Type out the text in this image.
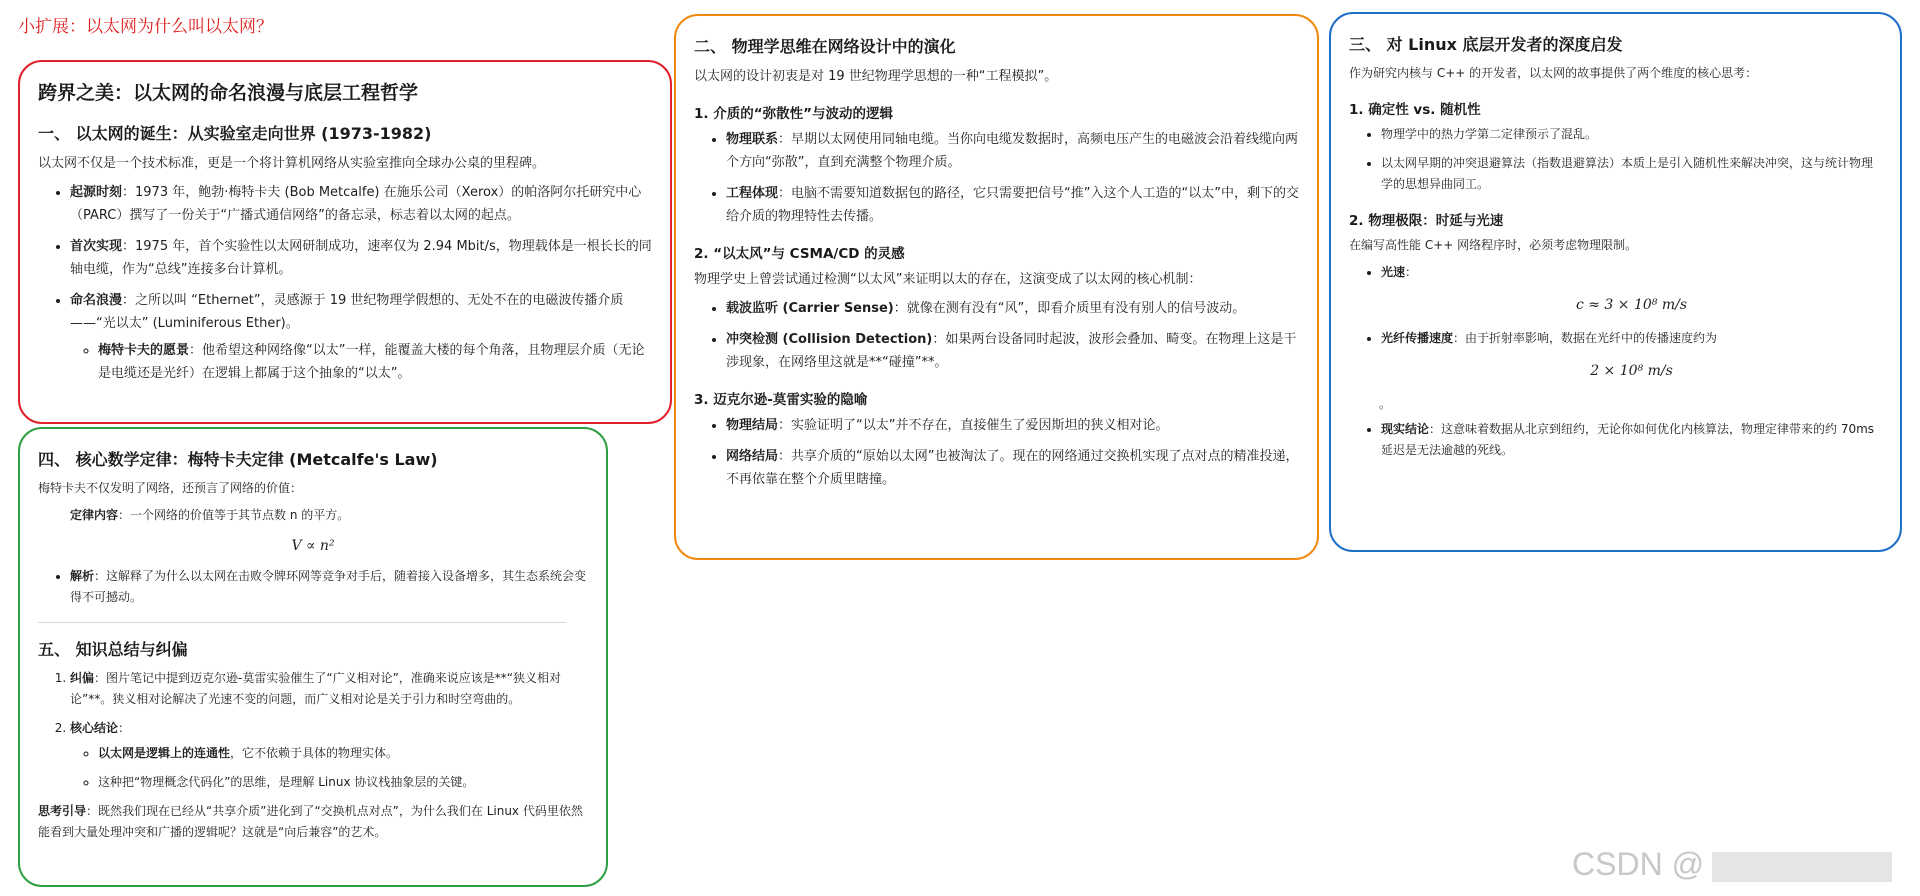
小扩展：以太网为什么叫以太网？
跨界之美：以太网的命名浪漫与底层工程哲学
一、 以太网的诞生：从实验室走向世界 (1973-1982)

以太网不仅是一个技术标准，更是一个将计算机网络从实验室推向全球办公桌的里程碑。

• 起源时刻：1973 年，鲍勃·梅特卡夫 (Bob Metcalfe) 在施乐公司（Xerox）的帕洛阿尔托研究中心（PARC）撰写了一份关于“广播式通信网络”的备忘录，标志着以太网的起点。
• 首次实现：1975 年，首个实验性以太网研制成功，速率仅为 2.94 Mbit/s，物理载体是一根长长的同轴电缆，作为“总线”连接多台计算机。
• 命名浪漫：之所以叫 “Ethernet”，灵感源于 19 世纪物理学假想的、无处不在的电磁波传播介质——“光以太” (Luminiferous Ether)。
◦ 梅特卡夫的愿景：他希望这种网络像“以太”一样，能覆盖大楼的每个角落，且物理层介质（无论是电缆还是光纤）在逻辑上都属于这个抽象的“以太”。
四、 核心数学定律：梅特卡夫定律 (Metcalfe's Law)

梅特卡夫不仅发明了网络，还预言了网络的价值：

定律内容：一个网络的价值等于其节点数 n 的平方。

V ∝ n²
• 解析：这解释了为什么以太网在击败令牌环网等竞争对手后，随着接入设备增多，其生态系统会变得不可撼动。
五、 知识总结与纠偏
1. 纠偏：图片笔记中提到迈克尔逊-莫雷实验催生了“广义相对论”，准确来说应该是**“狭义相对论”**。狭义相对论解决了光速不变的问题，而广义相对论是关于引力和时空弯曲的。
2. 核心结论：
◦ 以太网是逻辑上的连通性，它不依赖于具体的物理实体。
◦ 这种把“物理概念代码化”的思维，是理解 Linux 协议栈抽象层的关键。

思考引导：既然我们现在已经从“共享介质”进化到了“交换机点对点”，为什么我们在 Linux 代码里依然能看到大量处理冲突和广播的逻辑呢？这就是“向后兼容”的艺术。

二、 物理学思维在网络设计中的演化

以太网的设计初衷是对 19 世纪物理学思想的一种“工程模拟”。

1. 介质的“弥散性”与波动的逻辑
• 物理联系：早期以太网使用同轴电缆。当你向电缆发数据时，高频电压产生的电磁波会沿着线缆向两个方向“弥散”，直到充满整个物理介质。
• 工程体现：电脑不需要知道数据包的路径，它只需要把信号“推”入这个人工造的“以太”中，剩下的交给介质的物理特性去传播。
2. “以太风”与 CSMA/CD 的灵感

物理学史上曾尝试通过检测“以太风”来证明以太的存在，这演变成了以太网的核心机制：

• 载波监听 (Carrier Sense)：就像在测有没有“风”，即看介质里有没有别人的信号波动。
• 冲突检测 (Collision Detection)：如果两台设备同时起波，波形会叠加、畸变。在物理上这是干涉现象，在网络里这就是**“碰撞”**。
3. 迈克尔逊-莫雷实验的隐喻
• 物理结局：实验证明了“以太”并不存在，直接催生了爱因斯坦的狭义相对论。
• 网络结局：共享介质的“原始以太网”也被淘汰了。现在的网络通过交换机实现了点对点的精准投递，不再依靠在整个介质里瞎撞。
三、 对 Linux 底层开发者的深度启发

作为研究内核与 C++ 的开发者，以太网的故事提供了两个维度的核心思考：

1. 确定性 vs. 随机性
• 物理学中的热力学第二定律预示了混乱。
• 以太网早期的冲突退避算法（指数退避算法）本质上是引入随机性来解决冲突，这与统计物理学的思想异曲同工。
2. 物理极限：时延与光速

在编写高性能 C++ 网络程序时，必须考虑物理限制。

• 光速：
c ≈ 3 × 10⁸ m/s
• 光纤传播速度：由于折射率影响，数据在光纤中的传播速度约为
2 × 10⁸ m/s

。

• 现实结论：这意味着数据从北京到纽约，无论你如何优化内核算法，物理定律带来的约 70ms 延迟是无法逾越的死线。
CSDN @
